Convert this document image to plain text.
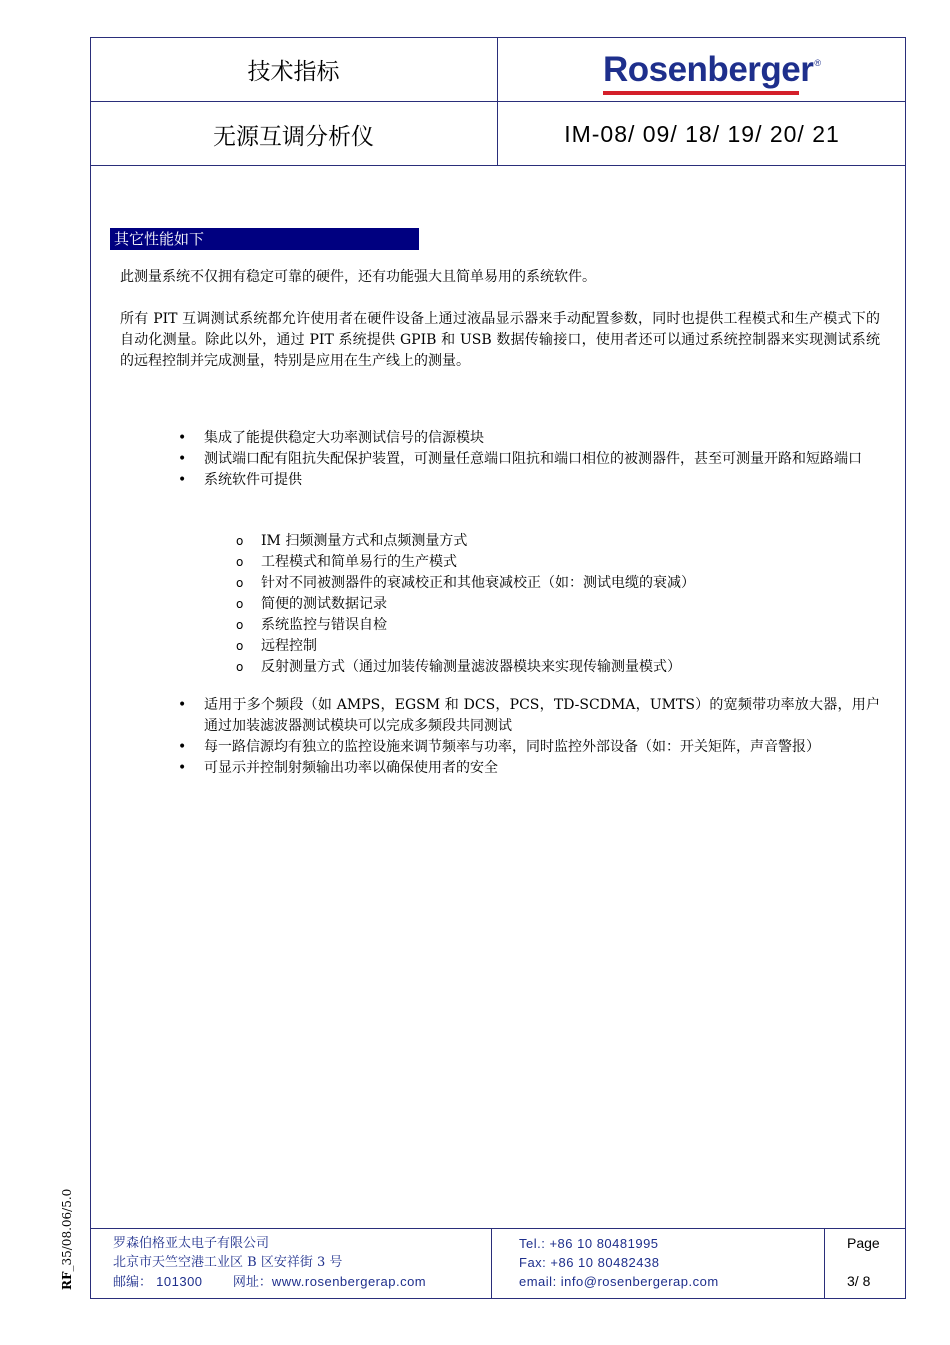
技术指标	Rosenberger®
无源互调分析仪	IM-08/ 09/ 18/ 19/ 20/ 21
其它性能如下
此测量系统不仅拥有稳定可靠的硬件，还有功能强大且简单易用的系统软件。
所有 PIT 互调测试系统都允许使用者在硬件设备上通过液晶显示器来手动配置参数，同时也提供工程模式和生产模式下的自动化测量。除此以外，通过 PIT 系统提供 GPIB 和 USB 数据传输接口，使用者还可以通过系统控制器来实现测试系统的远程控制并完成测量，特别是应用在生产线上的测量。
• 集成了能提供稳定大功率测试信号的信源模块
• 测试端口配有阻抗失配保护装置，可测量任意端口阻抗和端口相位的被测器件，甚至可测量开路和短路端口
• 系统软件可提供
o IM 扫频测量方式和点频测量方式
o 工程模式和简单易行的生产模式
o 针对不同被测器件的衰减校正和其他衰减校正（如：测试电缆的衰减）
o 简便的测试数据记录
o 系统监控与错误自检
o 远程控制
o 反射测量方式（通过加装传输测量滤波器模块来实现传输测量模式）
• 适用于多个频段（如 AMPS，EGSM 和 DCS，PCS，TD-SCDMA，UMTS）的宽频带功率放大器，用户通过加装滤波器测试模块可以完成多频段共同测试
• 每一路信源均有独立的监控设施来调节频率与功率，同时监控外部设备（如：开关矩阵，声音警报）
• 可显示并控制射频输出功率以确保使用者的安全
罗森伯格亚太电子有限公司
北京市天竺空港工业区 B 区安祥街 3 号
邮编： 101300 网址：www.rosenbergerap.com
Tel.: +86 10 80481995
Fax: +86 10 80482438
email: info@rosenbergerap.com
Page
3/ 8
RF_35/08.06/5.0
